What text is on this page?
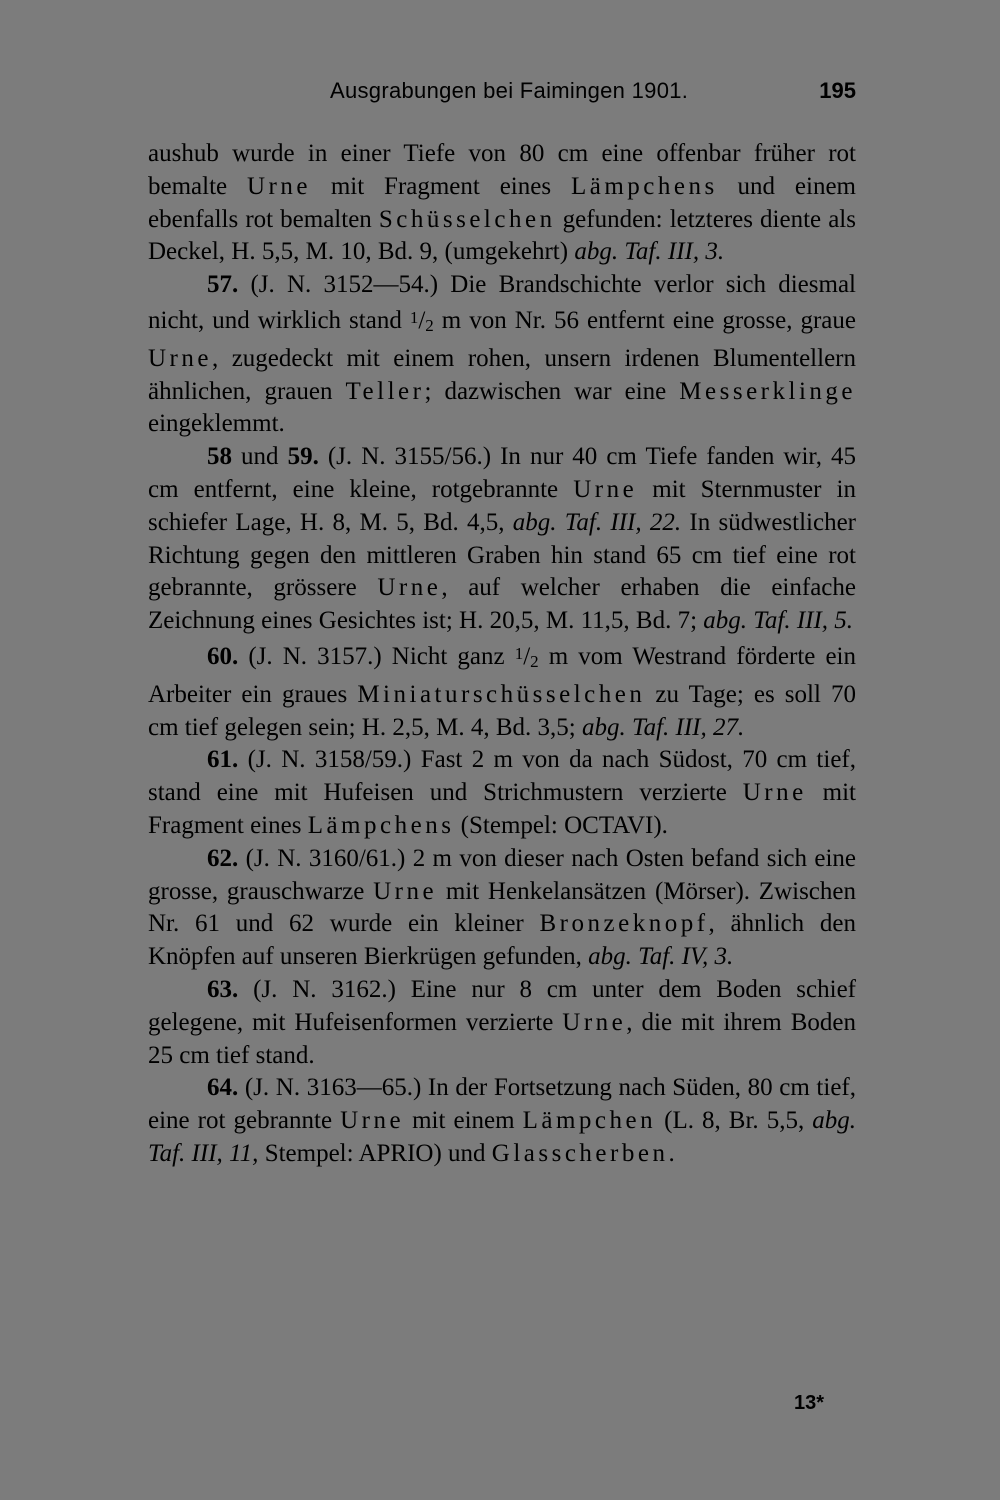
Ausgrabungen bei Faimingen 1901.	195

aushub wurde in einer Tiefe von 80 cm eine offenbar früher rot bemalte Urne mit Fragment eines Lämpchens und einem ebenfalls rot bemalten Schüsselchen gefunden: letzteres diente als Deckel, H. 5,5, M. 10, Bd. 9, (umgekehrt) abg. Taf. III, 3.

57. (J. N. 3152—54.) Die Brandschichte verlor sich diesmal nicht, und wirklich stand $^1$/2 m von Nr. 56 entfernt eine grosse, graue Urne, zugedeckt mit einem rohen, unsern irdenen Blumentellern ähnlichen, grauen Teller; dazwischen war eine Messerklinge eingeklemmt.

58 und 59. (J. N. 3155/56.) In nur 40 cm Tiefe fanden wir, 45 cm entfernt, eine kleine, rotgebrannte Urne mit Sternmuster in schiefer Lage, H. 8, M. 5, Bd. 4,5, abg. Taf. III, 22. In südwestlicher Richtung gegen den mittleren Graben hin stand 65 cm tief eine rot gebrannte, grössere Urne, auf welcher erhaben die einfache Zeichnung eines Gesichtes ist; H. 20,5, M. 11,5, Bd. 7; abg. Taf. III, 5.

60. (J. N. 3157.) Nicht ganz $^1$/2 m vom Westrand förderte ein Arbeiter ein graues Miniaturschüsselchen zu Tage; es soll 70 cm tief gelegen sein; H. 2,5, M. 4, Bd. 3,5; abg. Taf. III, 27.

61. (J. N. 3158/59.) Fast 2 m von da nach Südost, 70 cm tief, stand eine mit Hufeisen und Strichmustern verzierte Urne mit Fragment eines Lämpchens (Stempel: OCTAVI).

62. (J. N. 3160/61.) 2 m von dieser nach Osten befand sich eine grosse, grauschwarze Urne mit Henkelansätzen (Mörser). Zwischen Nr. 61 und 62 wurde ein kleiner Bronzeknopf, ähnlich den Knöpfen auf unseren Bierkrügen gefunden, abg. Taf. IV, 3.

63. (J. N. 3162.) Eine nur 8 cm unter dem Boden schief gelegene, mit Hufeisenformen verzierte Urne, die mit ihrem Boden 25 cm tief stand.

64. (J. N. 3163—65.) In der Fortsetzung nach Süden, 80 cm tief, eine rot gebrannte Urne mit einem Lämpchen (L. 8, Br. 5,5, abg. Taf. III, 11, Stempel: APRIO) und Glasscherben.

13*
